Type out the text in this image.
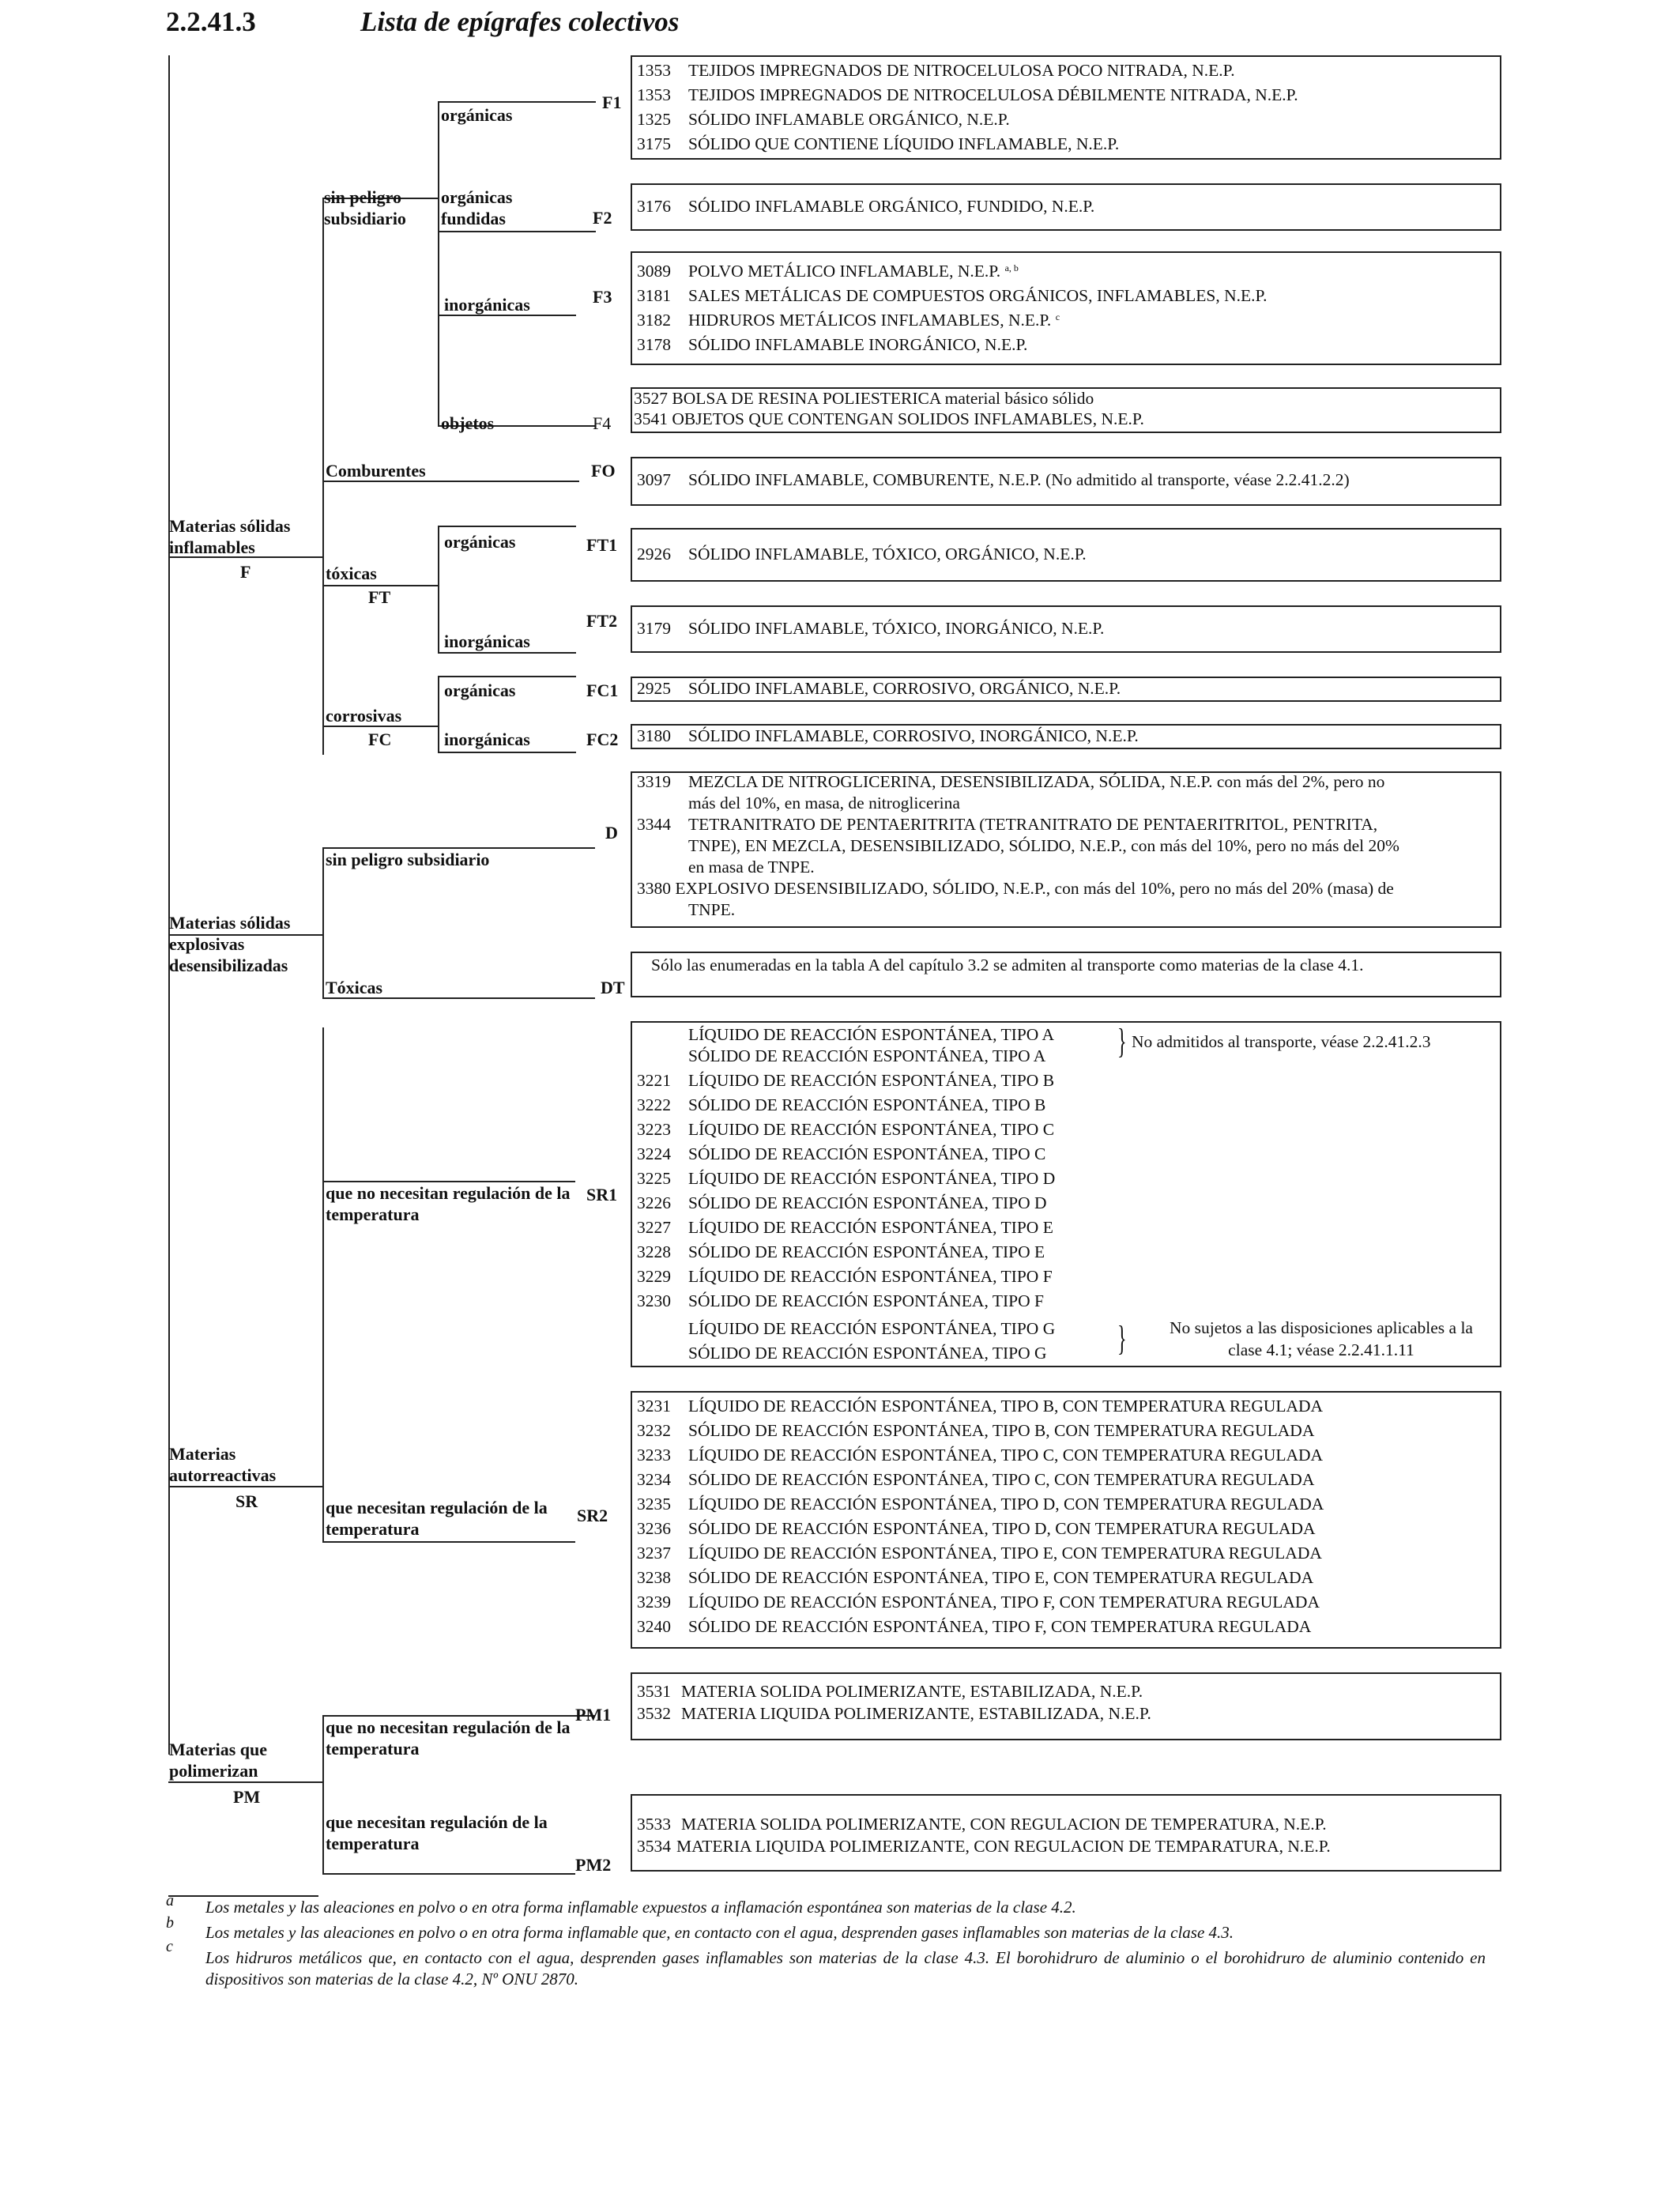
2.2.41.3	Lista de epígrafes colectivos
Materias sólidas inflamables
F
Materias sólidas explosivas desensibilizadas
Materias autorreactivas
SR
Materias que polimerizan
PM
sin peligro subsidiario
orgánicas
orgánicas fundidas
inorgánicas
objetos
Comburentes
tóxicas
FT
orgánicas
inorgánicas
corrosivas
FC
orgánicas
inorgánicas
sin peligro subsidiario
Tóxicas
que no necesitan regulación de la temperatura
que necesitan regulación de la temperatura
que no necesitan regulación de la temperatura
que necesitan regulación de la temperatura
F1
F2
F3
F4
FO
FT1
FT2
FC1
FC2
D
DT
SR1
SR2
PM1
PM2
1353 TEJIDOS IMPREGNADOS DE NITROCELULOSA POCO NITRADA, N.E.P.
1353 TEJIDOS IMPREGNADOS DE NITROCELULOSA DÉBILMENTE NITRADA, N.E.P.
1325 SÓLIDO INFLAMABLE ORGÁNICO, N.E.P.
3175 SÓLIDO QUE CONTIENE LÍQUIDO INFLAMABLE, N.E.P.
3176 SÓLIDO INFLAMABLE ORGÁNICO, FUNDIDO, N.E.P.
3089 POLVO METÁLICO INFLAMABLE, N.E.P. $^{a, b}$
3181 SALES METÁLICAS DE COMPUESTOS ORGÁNICOS, INFLAMABLES, N.E.P.
3182 HIDRUROS METÁLICOS INFLAMABLES, N.E.P. $^c$
3178 SÓLIDO INFLAMABLE INORGÁNICO, N.E.P.
3527 BOLSA DE RESINA POLIESTERICA material básico sólido
3541 OBJETOS QUE CONTENGAN SOLIDOS INFLAMABLES, N.E.P.
3097 SÓLIDO INFLAMABLE, COMBURENTE, N.E.P. (No admitido al transporte, véase 2.2.41.2.2)
2926 SÓLIDO INFLAMABLE, TÓXICO, ORGÁNICO, N.E.P.
3179 SÓLIDO INFLAMABLE, TÓXICO, INORGÁNICO, N.E.P.
2925 SÓLIDO INFLAMABLE, CORROSIVO, ORGÁNICO, N.E.P.
3180 SÓLIDO INFLAMABLE, CORROSIVO, INORGÁNICO, N.E.P.
3319 MEZCLA DE NITROGLICERINA, DESENSIBILIZADA, SÓLIDA, N.E.P. con más del 2%, pero no
más del 10%, en masa, de nitroglicerina
3344 TETRANITRATO DE PENTAERITRITA (TETRANITRATO DE PENTAERITRITOL, PENTRITA,
TNPE), EN MEZCLA, DESENSIBILIZADO, SÓLIDO, N.E.P., con más del 10%, pero no más del 20%
en masa de TNPE.
3380 EXPLOSIVO DESENSIBILIZADO, SÓLIDO, N.E.P., con más del 10%, pero no más del 20% (masa) de
TNPE.
Sólo las enumeradas en la tabla A del capítulo 3.2 se admiten al transporte como materias de la clase 4.1.
LÍQUIDO DE REACCIÓN ESPONTÁNEA, TIPO A
SÓLIDO DE REACCIÓN ESPONTÁNEA, TIPO A } No admitidos al transporte, véase 2.2.41.2.3
3221 LÍQUIDO DE REACCIÓN ESPONTÁNEA, TIPO B
3222 SÓLIDO DE REACCIÓN ESPONTÁNEA, TIPO B
3223 LÍQUIDO DE REACCIÓN ESPONTÁNEA, TIPO C
3224 SÓLIDO DE REACCIÓN ESPONTÁNEA, TIPO C
3225 LÍQUIDO DE REACCIÓN ESPONTÁNEA, TIPO D
3226 SÓLIDO DE REACCIÓN ESPONTÁNEA, TIPO D
3227 LÍQUIDO DE REACCIÓN ESPONTÁNEA, TIPO E
3228 SÓLIDO DE REACCIÓN ESPONTÁNEA, TIPO E
3229 LÍQUIDO DE REACCIÓN ESPONTÁNEA, TIPO F
3230 SÓLIDO DE REACCIÓN ESPONTÁNEA, TIPO F
LÍQUIDO DE REACCIÓN ESPONTÁNEA, TIPO G
SÓLIDO DE REACCIÓN ESPONTÁNEA, TIPO G }	No sujetos a las disposiciones aplicables a la
clase 4.1; véase 2.2.41.1.11
3231 LÍQUIDO DE REACCIÓN ESPONTÁNEA, TIPO B, CON TEMPERATURA REGULADA
3232 SÓLIDO DE REACCIÓN ESPONTÁNEA, TIPO B, CON TEMPERATURA REGULADA
3233 LÍQUIDO DE REACCIÓN ESPONTÁNEA, TIPO C, CON TEMPERATURA REGULADA
3234 SÓLIDO DE REACCIÓN ESPONTÁNEA, TIPO C, CON TEMPERATURA REGULADA
3235 LÍQUIDO DE REACCIÓN ESPONTÁNEA, TIPO D, CON TEMPERATURA REGULADA
3236 SÓLIDO DE REACCIÓN ESPONTÁNEA, TIPO D, CON TEMPERATURA REGULADA
3237 LÍQUIDO DE REACCIÓN ESPONTÁNEA, TIPO E, CON TEMPERATURA REGULADA
3238 SÓLIDO DE REACCIÓN ESPONTÁNEA, TIPO E, CON TEMPERATURA REGULADA
3239 LÍQUIDO DE REACCIÓN ESPONTÁNEA, TIPO F, CON TEMPERATURA REGULADA
3240 SÓLIDO DE REACCIÓN ESPONTÁNEA, TIPO F, CON TEMPERATURA REGULADA
3531 MATERIA SOLIDA POLIMERIZANTE, ESTABILIZADA, N.E.P.
3532 MATERIA LIQUIDA POLIMERIZANTE, ESTABILIZADA, N.E.P.
3533 MATERIA SOLIDA POLIMERIZANTE, CON REGULACION DE TEMPERATURA, N.E.P.
3534 MATERIA LIQUIDA POLIMERIZANTE, CON REGULACION DE TEMPARATURA, N.E.P.
a Los metales y las aleaciones en polvo o en otra forma inflamable expuestos a inflamación espontánea son materias de la clase 4.2.
b Los metales y las aleaciones en polvo o en otra forma inflamable que, en contacto con el agua, desprenden gases inflamables son materias de la clase 4.3.
c
Los hidruros metálicos que, en contacto con el agua, desprenden gases inflamables son materias de la clase 4.3. El borohidruro de aluminio o el borohidruro de aluminio contenido en dispositivos son materias de la clase 4.2, Nº ONU 2870.
